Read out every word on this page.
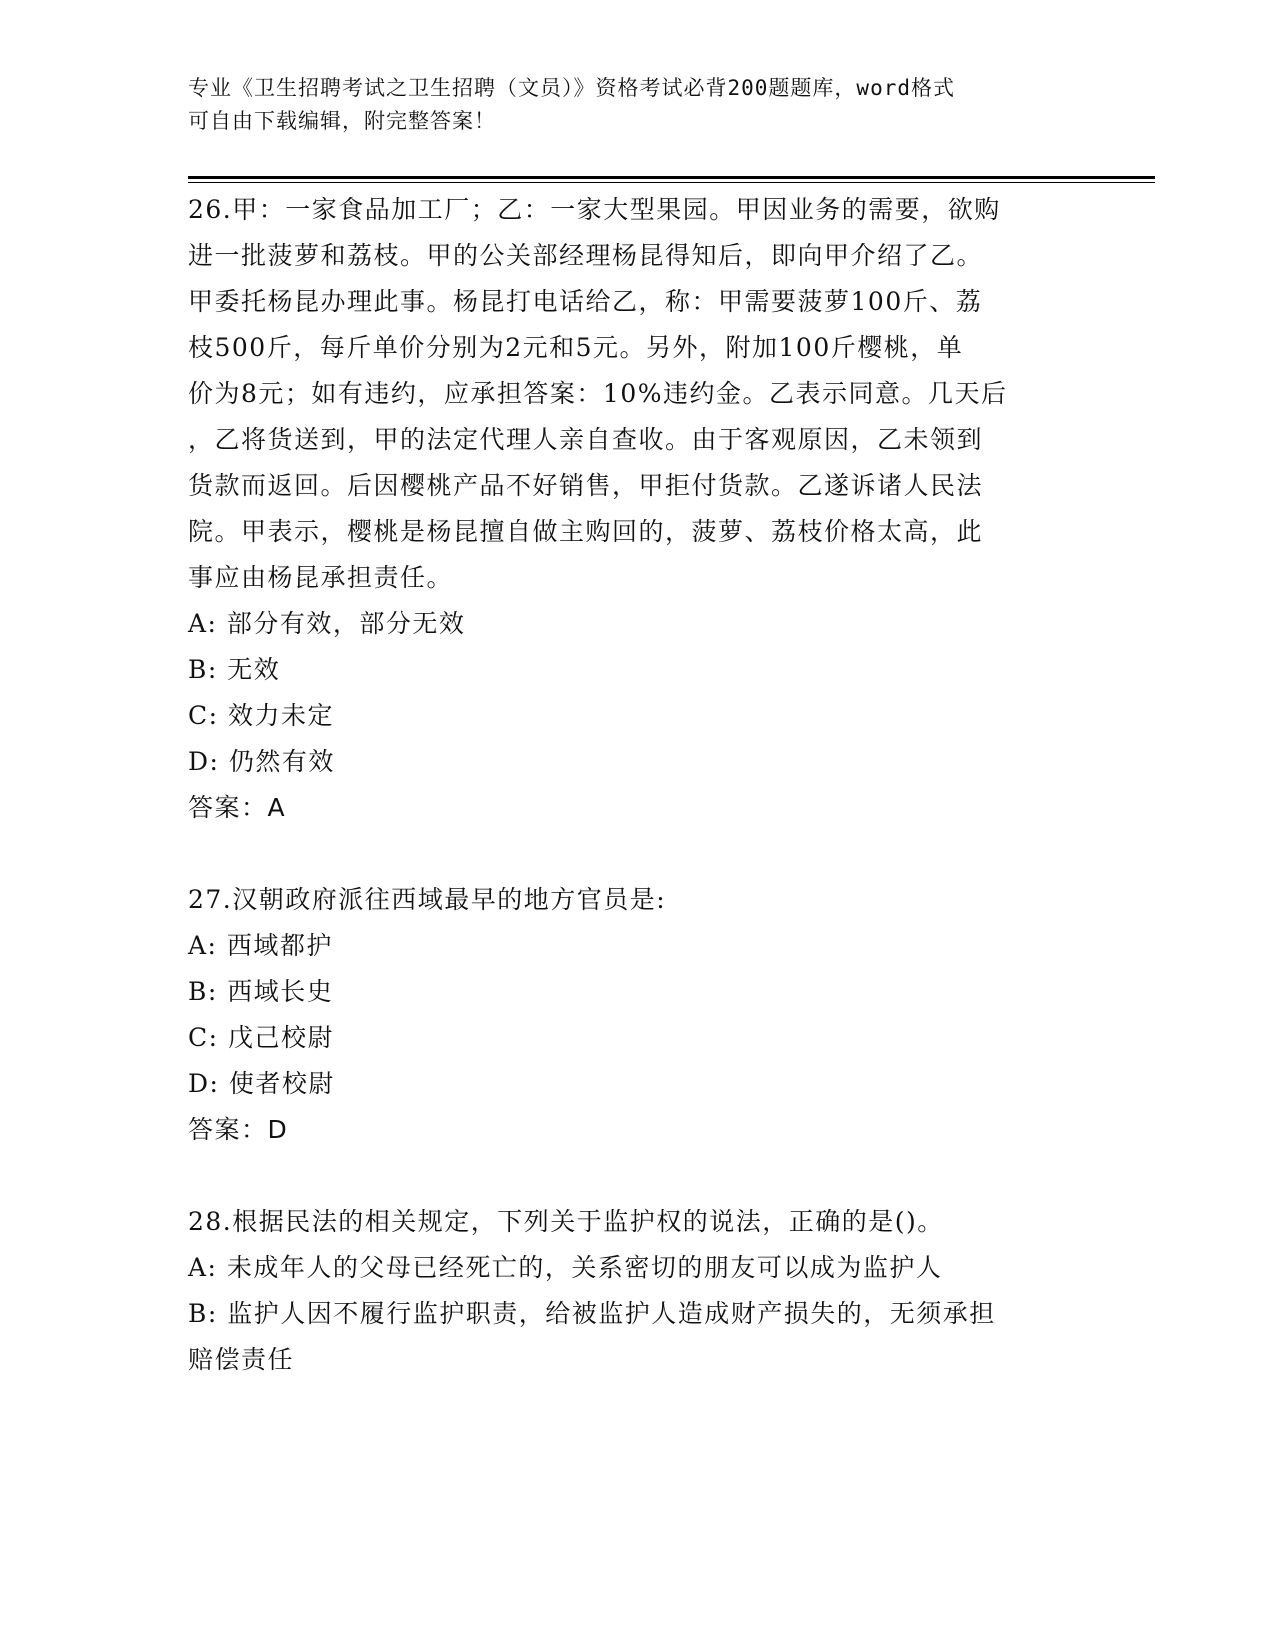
专业《卫生招聘考试之卫生招聘（文员）》资格考试必背200题题库，word格式

可自由下载编辑，附完整答案！

26.甲：一家食品加工厂；乙：一家大型果园。甲因业务的需要，欲购

进一批菠萝和荔枝。甲的公关部经理杨昆得知后，即向甲介绍了乙。

甲委托杨昆办理此事。杨昆打电话给乙，称：甲需要菠萝100斤、荔

枝500斤，每斤单价分别为2元和5元。另外，附加100斤樱桃，单

价为8元；如有违约，应承担答案：10%违约金。乙表示同意。几天后

，乙将货送到，甲的法定代理人亲自查收。由于客观原因，乙未领到

货款而返回。后因樱桃产品不好销售，甲拒付货款。乙遂诉诸人民法

院。甲表示，樱桃是杨昆擅自做主购回的，菠萝、荔枝价格太高，此

事应由杨昆承担责任。

A: 部分有效，部分无效

B: 无效

C: 效力未定

D: 仍然有效

答案：A

27.汉朝政府派往西域最早的地方官员是:

A: 西域都护

B: 西域长史

C: 戊己校尉

D: 使者校尉

答案：D

28.根据民法的相关规定，下列关于监护权的说法，正确的是()。

A: 未成年人的父母已经死亡的，关系密切的朋友可以成为监护人

B: 监护人因不履行监护职责，给被监护人造成财产损失的，无须承担

赔偿责任
